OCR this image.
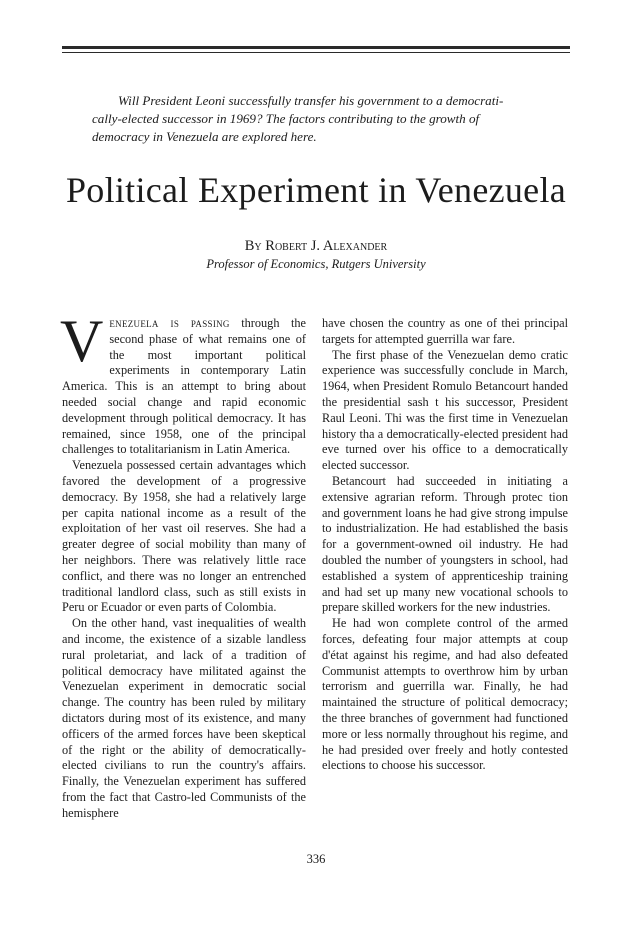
Will President Leoni successfully transfer his government to a democrati-
cally-elected successor in 1969? The factors contributing to the growth of democracy in Venezuela are explored here.

Political Experiment in Venezuela

By Robert J. Alexander

Professor of Economics, Rutgers University

Venezuela is passing through the second phase of what remains one of the most important political experiments in contemporary Latin America. This is an attempt to bring about needed social change and rapid economic development through political democracy. It has remained, since 1958, one of the principal challenges to totalitarianism in Latin America.

Venezuela possessed certain advantages which favored the development of a progressive democracy. By 1958, she had a relatively large per capita national income as a result of the exploitation of her vast oil reserves. She had a greater degree of social mobility than many of her neighbors. There was relatively little race conflict, and there was no longer an entrenched traditional landlord class, such as still exists in Peru or Ecuador or even parts of Colombia.

On the other hand, vast inequalities of wealth and income, the existence of a sizable landless rural proletariat, and lack of a tradition of political democracy have militated against the Venezuelan experiment in democratic social change. The country has been ruled by military dictators during most of its existence, and many officers of the armed forces have been skeptical of the right or the ability of democratically-elected civilians to run the country's affairs. Finally, the Venezuelan experiment has suffered from the fact that Castro-led Communists of the hemisphere

have chosen the country as one of thei principal targets for attempted guerrilla war fare.

The first phase of the Venezuelan demo cratic experience was successfully conclude in March, 1964, when President Romulo Betancourt handed the presidential sash t his successor, President Raul Leoni. Thi was the first time in Venezuelan history tha a democratically-elected president had eve turned over his office to a democratically elected successor.

Betancourt had succeeded in initiating a extensive agrarian reform. Through protec tion and government loans he had give strong impulse to industrialization. He had established the basis for a government-owned oil industry. He had doubled the number of youngsters in school, had established a system of apprenticeship training and had set up many new vocational schools to prepare skilled workers for the new industries.

He had won complete control of the armed forces, defeating four major attempts at coup d'état against his regime, and had also defeated Communist attempts to overthrow him by urban terrorism and guerrilla war. Finally, he had maintained the structure of political democracy; the three branches of government had functioned more or less normally throughout his regime, and he had presided over freely and hotly contested elections to choose his successor.

336
